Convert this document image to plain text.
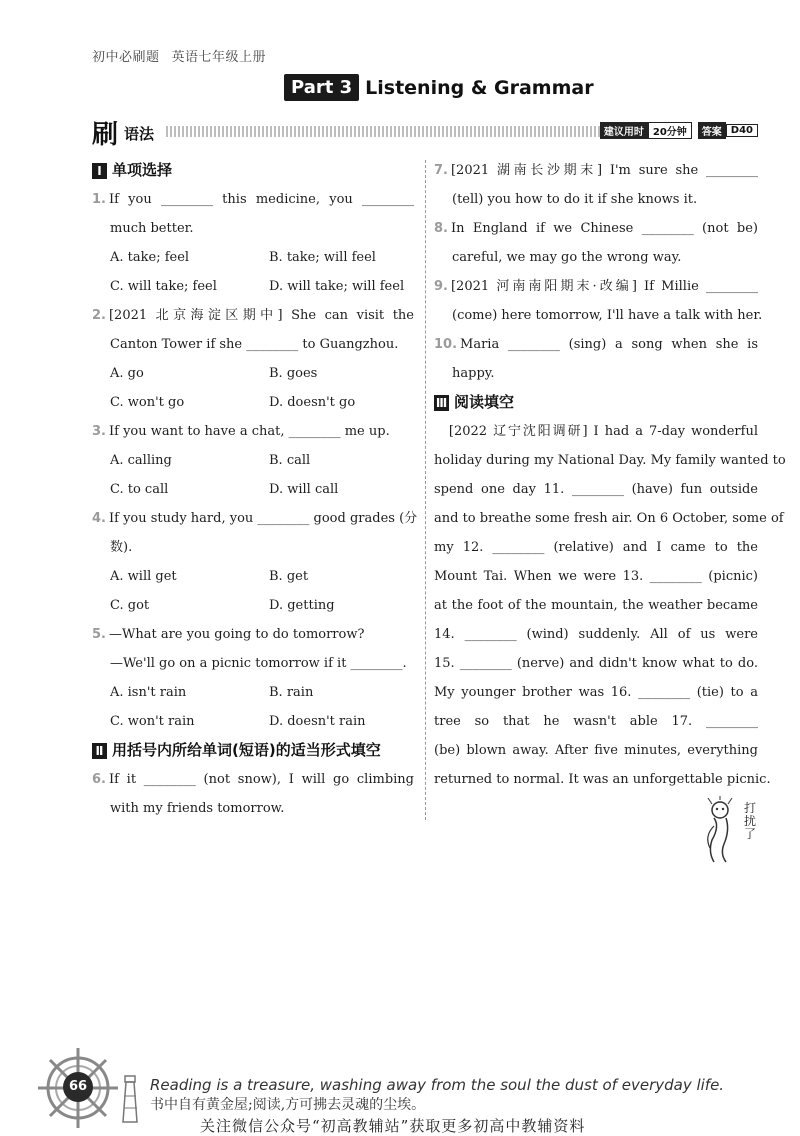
初中必刷题 英语七年级上册
Part 3 Listening & Grammar
刷 语法	建议用时 20分钟	答案 D40
Ⅰ 单项选择
1. If you ________ this medicine, you ________
much better.
A. take; feel	B. take; will feel
C. will take; feel	D. will take; will feel
2. [2021 北京海淀区期中] She can visit the
Canton Tower if she ________ to Guangzhou.
A. go	B. goes
C. won't go	D. doesn't go
3. If you want to have a chat, ________ me up.
A. calling	B. call
C. to call	D. will call
4. If you study hard, you ________ good grades (分
数).
A. will get	B. get
C. got	D. getting
5. —What are you going to do tomorrow?
—We'll go on a picnic tomorrow if it ________.
A. isn't rain	B. rain
C. won't rain	D. doesn't rain
Ⅱ 用括号内所给单词(短语)的适当形式填空
6. If it ________ (not snow), I will go climbing
with my friends tomorrow.
7. [2021 湖南长沙期末] I'm sure she ________
(tell) you how to do it if she knows it.
8. In England if we Chinese ________ (not be)
careful, we may go the wrong way.
9. [2021 河南南阳期末·改编] If Millie ________
(come) here tomorrow, I'll have a talk with her.
10. Maria ________ (sing) a song when she is
happy.
Ⅲ 阅读填空
　[2022 辽宁沈阳调研] I had a 7-day wonderful
holiday during my National Day. My family wanted to
spend one day 11. ________ (have) fun outside
and to breathe some fresh air. On 6 October, some of
my 12. ________ (relative) and I came to the
Mount Tai. When we were 13. ________ (picnic)
at the foot of the mountain, the weather became
14. ________ (wind) suddenly. All of us were
15. ________ (nerve) and didn't know what to do.
My younger brother was 16. ________ (tie) to a
tree so that he wasn't able 17. ________
(be) blown away. After five minutes, everything
returned to normal. It was an unforgettable picnic.
打扰了
66	Reading is a treasure, washing away from the soul the dust of everyday life.
书中自有黄金屋;阅读,方可拂去灵魂的尘埃。
关注微信公众号“初高教辅站”获取更多初高中教辅资料
